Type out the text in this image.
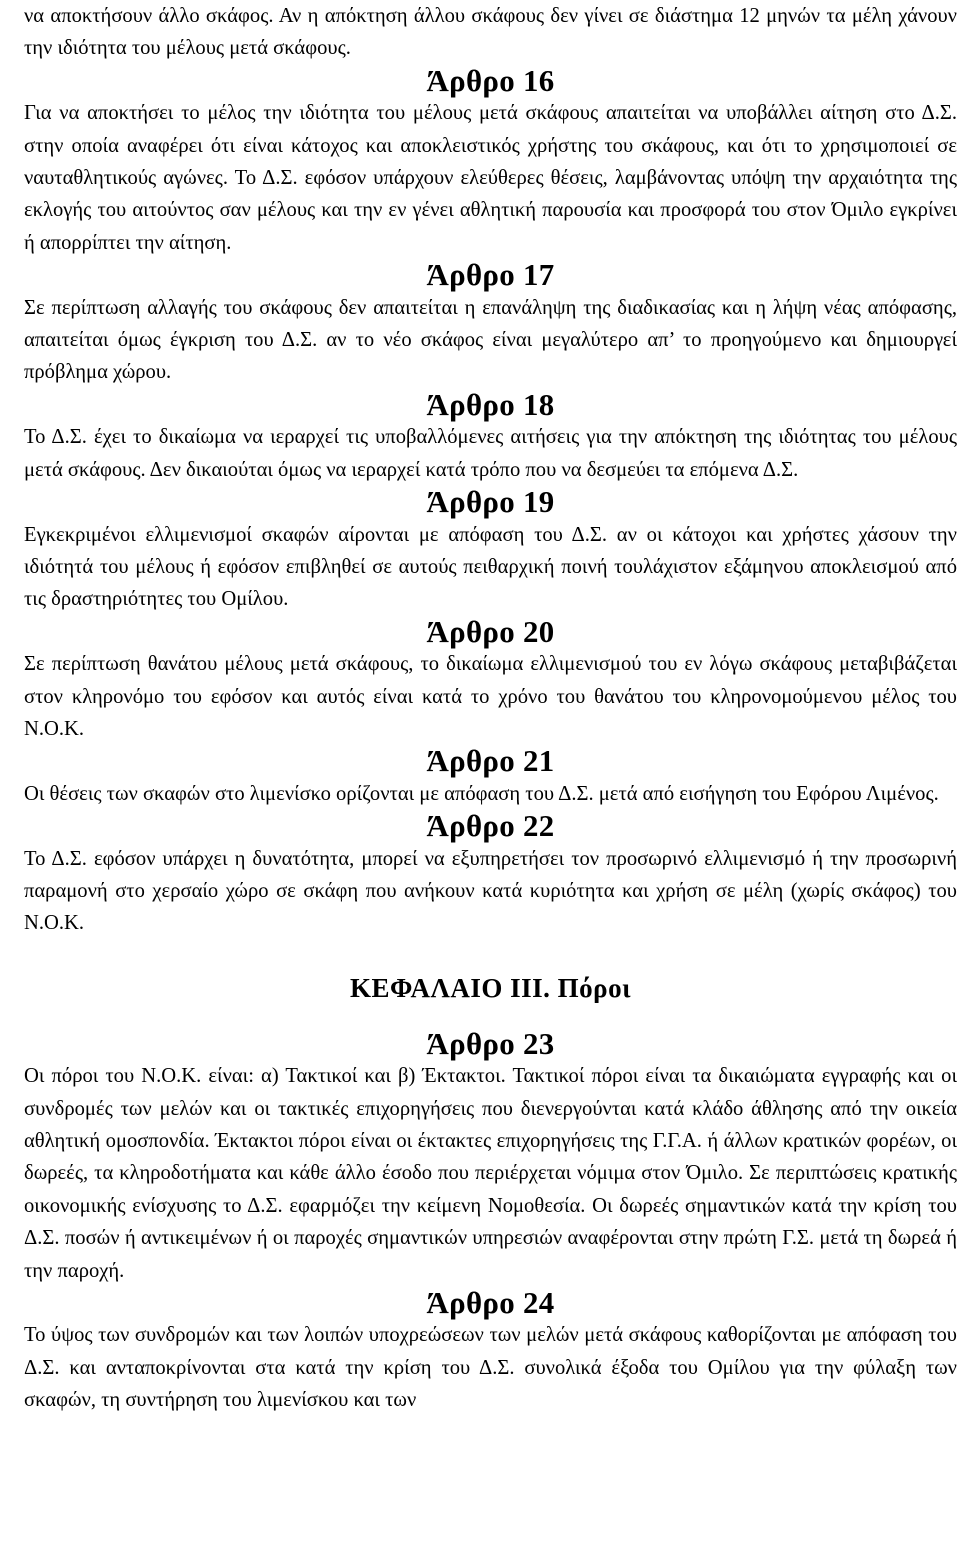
να αποκτήσουν άλλο σκάφος. Αν η απόκτηση άλλου σκάφους δεν γίνει σε διάστημα 12 μηνών τα μέλη χάνουν την ιδιότητα του μέλους μετά σκάφους.

Άρθρο 16

Για να αποκτήσει το μέλος την ιδιότητα του μέλους μετά σκάφους απαιτείται να υποβάλλει αίτηση στο Δ.Σ. στην οποία αναφέρει ότι είναι κάτοχος και αποκλειστικός χρήστης του σκάφους, και ότι το χρησιμοποιεί σε ναυταθλητικούς αγώνες. Το Δ.Σ. εφόσον υπάρχουν ελεύθερες θέσεις, λαμβάνοντας υπόψη την αρχαιότητα της εκλογής του αιτούντος σαν μέλους και την εν γένει αθλητική παρουσία και προσφορά του στον Όμιλο εγκρίνει ή απορρίπτει την αίτηση.

Άρθρο 17

Σε περίπτωση αλλαγής του σκάφους δεν απαιτείται η επανάληψη της διαδικασίας και η λήψη νέας απόφασης, απαιτείται όμως έγκριση του Δ.Σ. αν το νέο σκάφος είναι μεγαλύτερο απ’ το προηγούμενο και δημιουργεί πρόβλημα χώρου.

Άρθρο 18

Το Δ.Σ. έχει το δικαίωμα να ιεραρχεί τις υποβαλλόμενες αιτήσεις για την απόκτηση της ιδιότητας του μέλους μετά σκάφους. Δεν δικαιούται όμως να ιεραρχεί κατά τρόπο που να δεσμεύει τα επόμενα Δ.Σ.

Άρθρο 19

Εγκεκριμένοι ελλιμενισμοί σκαφών αίρονται με απόφαση του Δ.Σ. αν οι κάτοχοι και χρήστες χάσουν την ιδιότητά του μέλους ή εφόσον επιβληθεί σε αυτούς πειθαρχική ποινή τουλάχιστον εξάμηνου αποκλεισμού από τις δραστηριότητες του Ομίλου.

Άρθρο 20

Σε περίπτωση θανάτου μέλους μετά σκάφους, το δικαίωμα ελλιμενισμού του εν λόγω σκάφους μεταβιβάζεται στον κληρονόμο του εφόσον και αυτός είναι κατά το χρόνο του θανάτου του κληρονομούμενου μέλος του Ν.Ο.Κ.

Άρθρο 21

Οι θέσεις των σκαφών στο λιμενίσκο ορίζονται με απόφαση του Δ.Σ. μετά από εισήγηση του Εφόρου Λιμένος.

Άρθρο 22

Το Δ.Σ. εφόσον υπάρχει η δυνατότητα, μπορεί να εξυπηρετήσει τον προσωρινό ελλιμενισμό ή την προσωρινή παραμονή στο χερσαίο χώρο σε σκάφη που ανήκουν κατά κυριότητα και χρήση σε μέλη (χωρίς σκάφος) του Ν.Ο.Κ.

ΚΕΦΑΛΑΙΟ ΙΙΙ. Πόροι
Άρθρο 23

Οι πόροι του Ν.Ο.Κ. είναι: α) Τακτικοί και β) Έκτακτοι. Τακτικοί πόροι είναι τα δικαιώματα εγγραφής και οι συνδρομές των μελών και οι τακτικές επιχορηγήσεις που διενεργούνται κατά κλάδο άθλησης από την οικεία αθλητική ομοσπονδία. Έκτακτοι πόροι είναι οι έκτακτες επιχορηγήσεις της Γ.Γ.Α. ή άλλων κρατικών φορέων, οι δωρεές, τα κληροδοτήματα και κάθε άλλο έσοδο που περιέρχεται νόμιμα στον Όμιλο. Σε περιπτώσεις κρατικής οικονομικής ενίσχυσης το Δ.Σ. εφαρμόζει την κείμενη Νομοθεσία. Οι δωρεές σημαντικών κατά την κρίση του Δ.Σ. ποσών ή αντικειμένων ή οι παροχές σημαντικών υπηρεσιών αναφέρονται στην πρώτη Γ.Σ. μετά τη δωρεά ή την παροχή.

Άρθρο 24

Το ύψος των συνδρομών και των λοιπών υποχρεώσεων των μελών μετά σκάφους καθορίζονται με απόφαση του Δ.Σ. και ανταποκρίνονται στα κατά την κρίση του Δ.Σ. συνολικά έξοδα του Ομίλου για την φύλαξη των σκαφών, τη συντήρηση του λιμενίσκου και των
